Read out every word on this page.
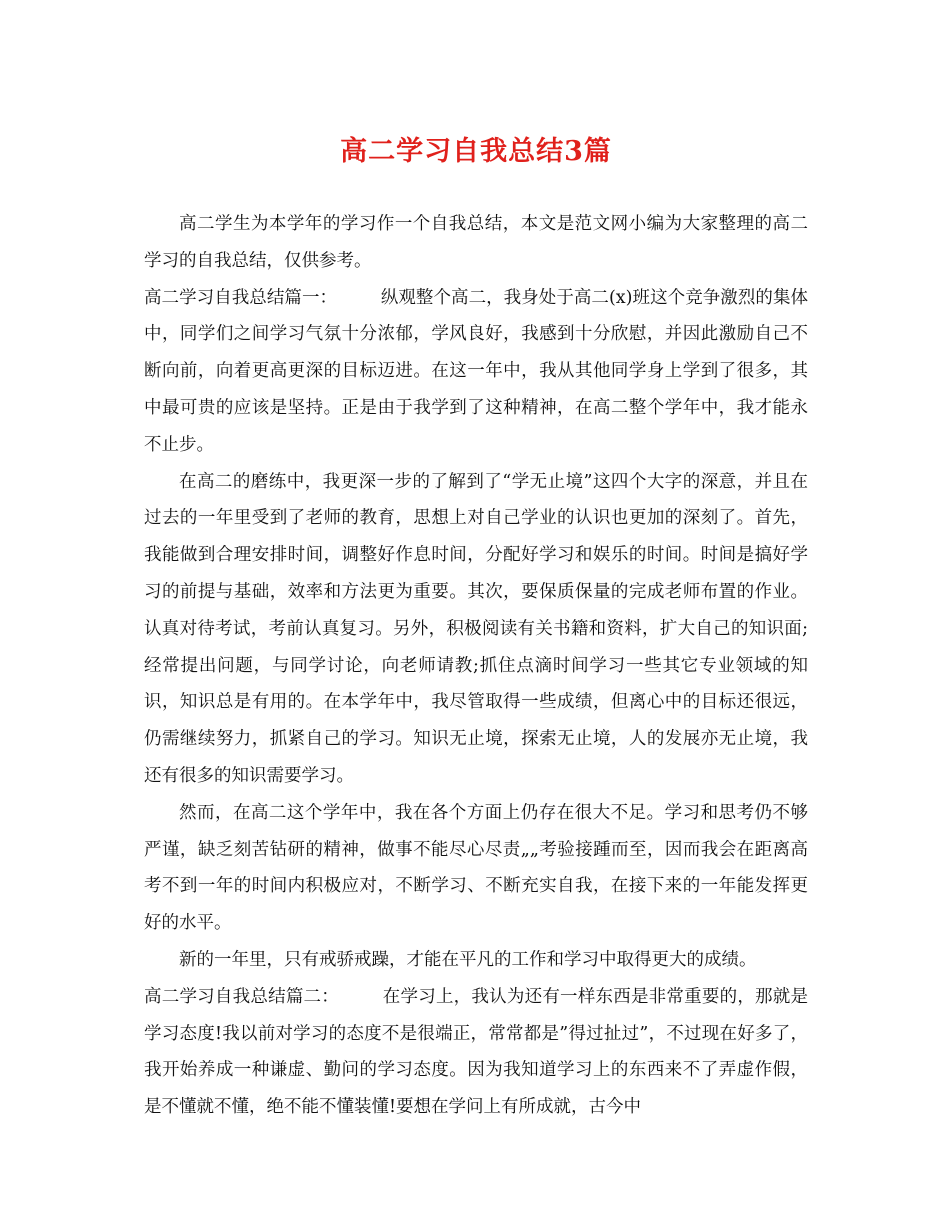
高二学习自我总结3篇

高二学生为本学年的学习作一个自我总结，本文是范文网小编为大家整理的高二学习的自我总结，仅供参考。

高二学习自我总结篇一：	纵观整个高二，我身处于高二(x)班这个竞争激烈的集体中，同学们之间学习气氛十分浓郁，学风良好，我感到十分欣慰，并因此激励自己不断向前，向着更高更深的目标迈进。在这一年中，我从其他同学身上学到了很多，其中最可贵的应该是坚持。正是由于我学到了这种精神，在高二整个学年中，我才能永不止步。

在高二的磨练中，我更深一步的了解到了“学无止境”这四个大字的深意，并且在过去的一年里受到了老师的教育，思想上对自己学业的认识也更加的深刻了。首先，我能做到合理安排时间，调整好作息时间，分配好学习和娱乐的时间。时间是搞好学习的前提与基础，效率和方法更为重要。其次，要保质保量的完成老师布置的作业。认真对待考试，考前认真复习。另外，积极阅读有关书籍和资料，扩大自己的知识面;经常提出问题，与同学讨论，向老师请教;抓住点滴时间学习一些其它专业领域的知识，知识总是有用的。在本学年中，我尽管取得一些成绩，但离心中的目标还很远，仍需继续努力，抓紧自己的学习。知识无止境，探索无止境，人的发展亦无止境，我还有很多的知识需要学习。

然而，在高二这个学年中，我在各个方面上仍存在很大不足。学习和思考仍不够严谨，缺乏刻苦钻研的精神，做事不能尽心尽责„„考验接踵而至，因而我会在距离高考不到一年的时间内积极应对，不断学习、不断充实自我，在接下来的一年能发挥更好的水平。

新的一年里，只有戒骄戒躁，才能在平凡的工作和学习中取得更大的成绩。

高二学习自我总结篇二：	在学习上，我认为还有一样东西是非常重要的，那就是学习态度!我以前对学习的态度不是很端正，常常都是”得过扯过”，不过现在好多了，我开始养成一种谦虚、勤问的学习态度。因为我知道学习上的东西来不了弄虚作假，是不懂就不懂，绝不能不懂装懂!要想在学问上有所成就，古今中
